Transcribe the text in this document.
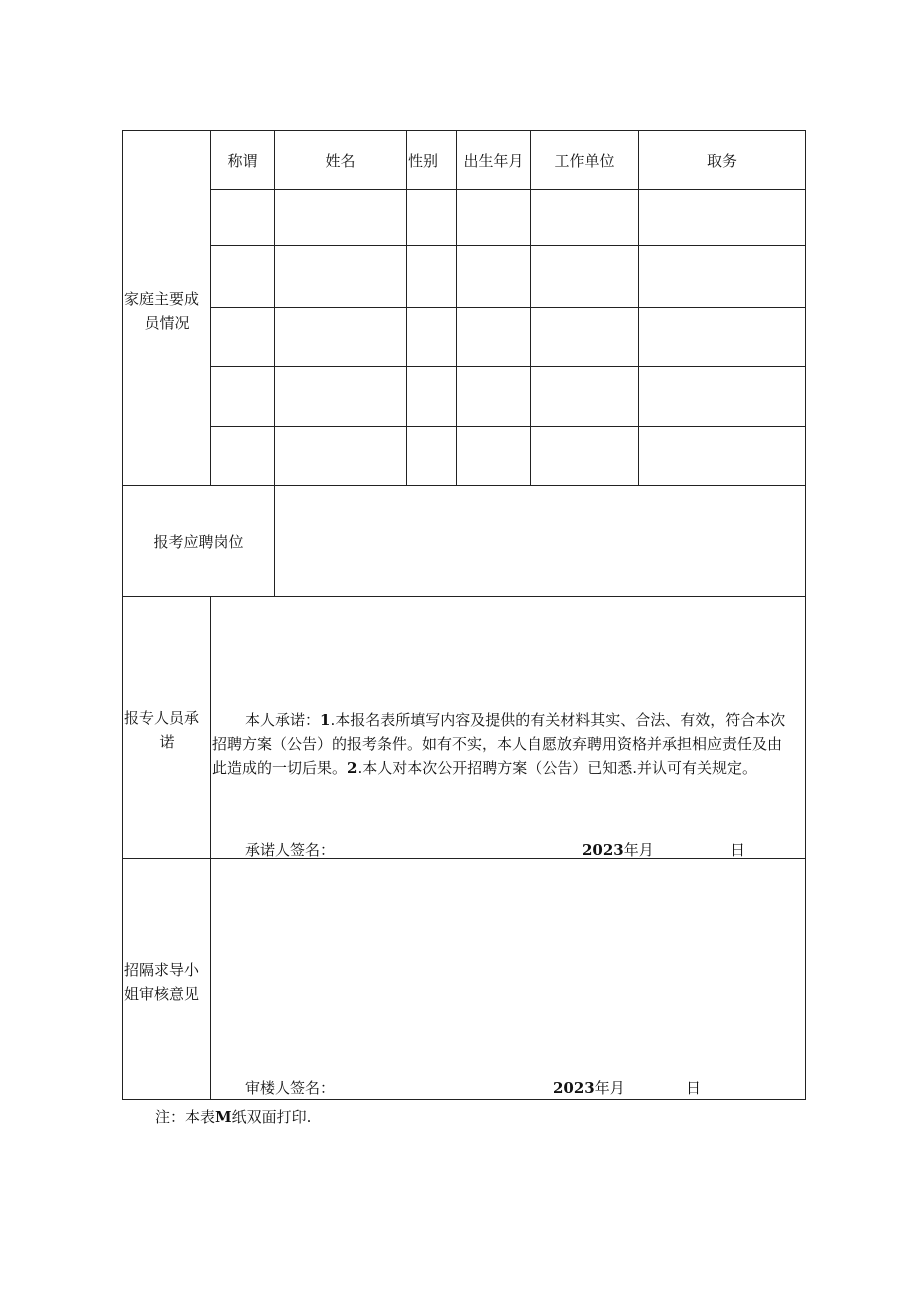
家庭主要成
员情况
称谓	姓名	性别	出生年月	工作单位	取务
报考应聘岗位
报专人员承
诺
本人承诺：1.本报名表所填写内容及提供的有关材料其实、合法、有效，符合本次
招聘方案（公告）的报考条件。如有不实，本人自愿放弃聘用资格并承担相应责任及由
此造成的一切后果。2.本人对本次公开招聘方案（公告）已知悉.并认可有关规定。
承诺人签名：	2023年月	日
招隔求导小
姐审核意见
审楼人签名：	2023年月	日
注：本表M纸双面打印.
